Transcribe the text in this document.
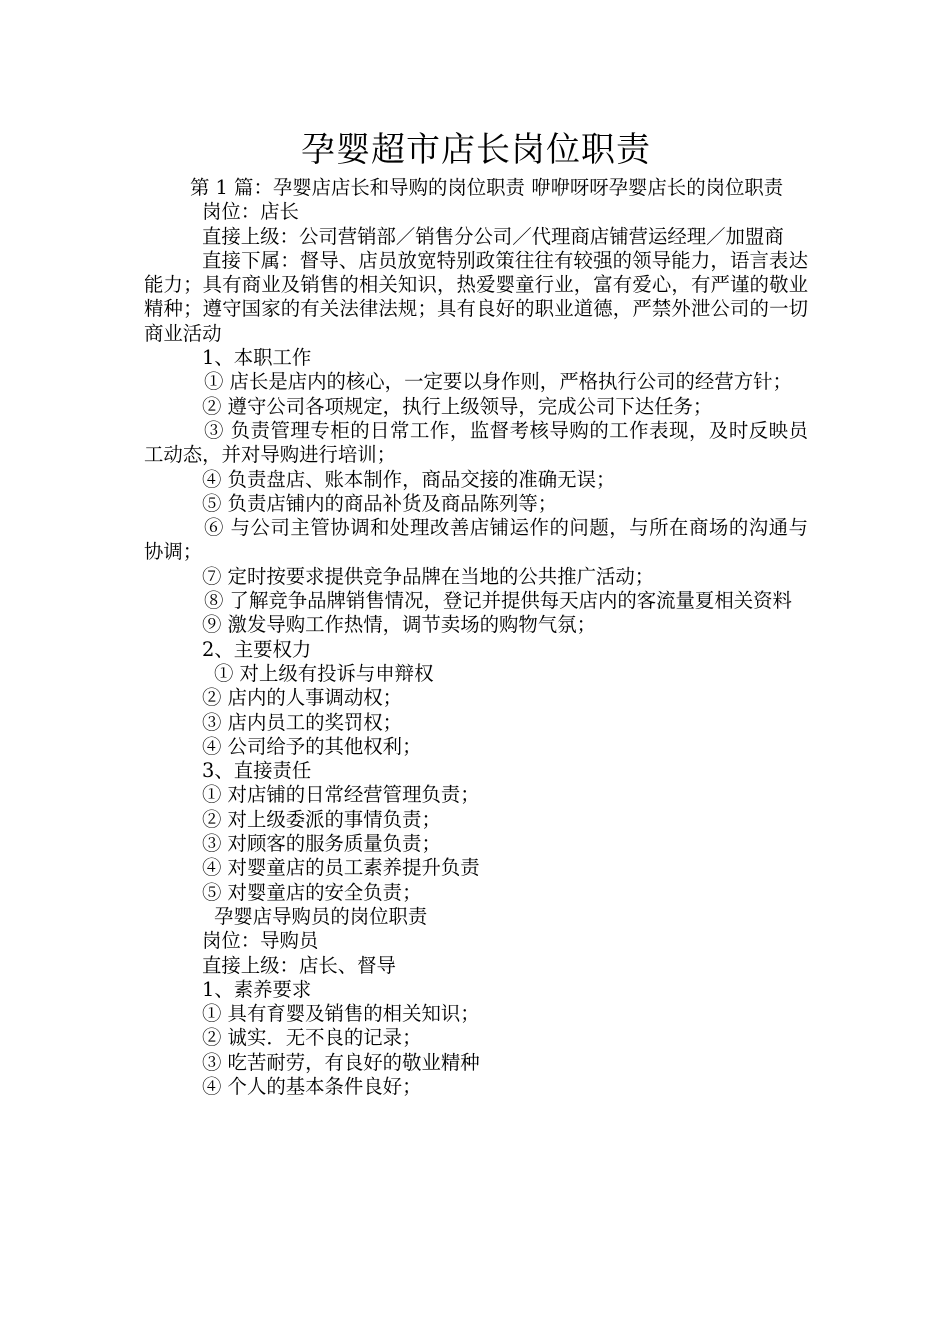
孕婴超市店长岗位职责

第 1 篇：孕婴店店长和导购的岗位职责 咿咿呀呀孕婴店长的岗位职责

岗位：店长

直接上级：公司营销部／销售分公司／代理商店铺营运经理／加盟商

直接下属：督导、店员放宽特别政策往往有较强的领导能力，语言表达能力；具有商业及销售的相关知识，热爱婴童行业，富有爱心，有严谨的敬业精种；遵守国家的有关法律法规；具有良好的职业道德，严禁外泄公司的一切商业活动

1、本职工作

① 店长是店内的核心，一定要以身作则，严格执行公司的经营方针；

② 遵守公司各项规定，执行上级领导，完成公司下达任务；

③ 负责管理专柜的日常工作，监督考核导购的工作表现，及时反映员工动态，并对导购进行培训；

④ 负责盘店、账本制作，商品交接的准确无误；

⑤ 负责店铺内的商品补货及商品陈列等；

⑥ 与公司主管协调和处理改善店铺运作的问题，与所在商场的沟通与协调；

⑦ 定时按要求提供竞争品牌在当地的公共推广活动；

⑧ 了解竞争品牌销售情况，登记并提供每天店内的客流量夏相关资料

⑨ 激发导购工作热情，调节卖场的购物气氛；

2、主要权力

① 对上级有投诉与申辩权

② 店内的人事调动权；

③ 店内员工的奖罚权；

④ 公司给予的其他权利；

3、直接责任

① 对店铺的日常经营管理负责；

② 对上级委派的事情负责；

③ 对顾客的服务质量负责；

④ 对婴童店的员工素养提升负责

⑤ 对婴童店的安全负责；

孕婴店导购员的岗位职责

岗位：导购员

直接上级：店长、督导

1、素养要求

① 具有育婴及销售的相关知识；

② 诚实．无不良的记录；

③ 吃苦耐劳，有良好的敬业精种

④ 个人的基本条件良好；
